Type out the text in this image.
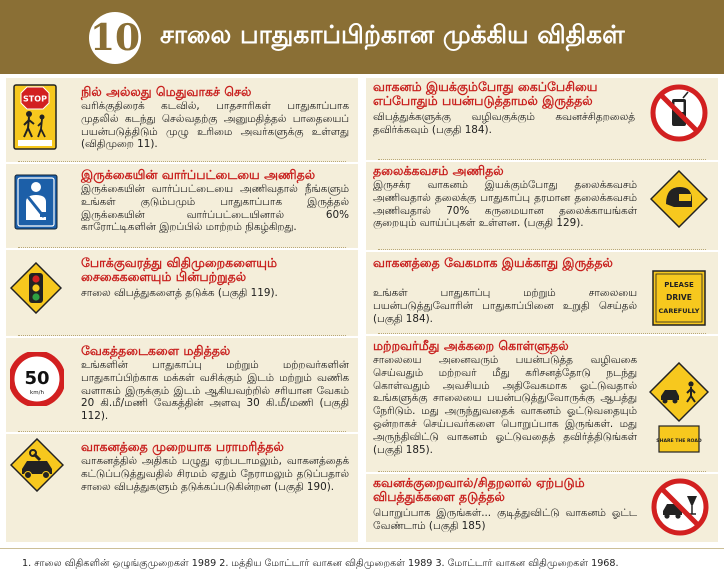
10 சாலை பாதுகாப்பிற்கான முக்கிய விதிகள்
STOP	நில் அல்லது மெதுவாகச் செல்
வரிக்குதிரைக் கடவில், பாதசாரிகள் பாதுகாப்பாக முதலில் கடந்து செல்வதற்கு அனுமதித்தல் பாதையைப் பயன்படுத்திடும் முழு உரிமை அவர்களுக்கு உள்ளது (விதிமுறை 11).
இருக்கையின் வார்ப்பட்டையை அணிதல்
இருக்கையின் வார்ப்பட்டையை அணிவதால் நீங்களும் உங்கள் குடும்பமும் பாதுகாப்பாக இருத்தல் இருக்கையின் வார்ப்பட்டையினால் 60% காரோட்டிகளின் இறப்பில் மாற்றம் நிகழ்கிறது.
போக்குவரத்து விதிமுறைகளையும் சைகைகளையும் பின்பற்றுதல்
சாலை விபத்துகளைத் தடுக்க (பகுதி 119).
50
km/h
வேகத்தடைகளை மதித்தல்
உங்களின் பாதுகாப்பு மற்றும் மற்றவர்களின் பாதுகாப்பிற்காக மக்கள் வசிக்கும் இடம் மற்றும் வணிக வளாகம் இருக்கும் இடம் ஆகியவற்றில் சரியான வேகம் 20 கி.மீ/மணி வேகத்தின் அளவு 30 கி.மீ/மணி (பகுதி 112).
வாகனத்தை முறையாக பராமரித்தல்
வாகனத்தில் அதிகம் பழுது ஏற்படாமலும், வாகனத்தைக் கட்டுப்படுத்துவதில் சிரமம் ஏதும் நேராமலும் தடுப்பதால் சாலை விபத்துகளும் தடுக்கப்படுகின்றன (பகுதி 190).
வாகனம் இயக்கும்போது கைப்பேசியை எப்போதும் பயன்படுத்தாமல் இருத்தல்
விபத்துக்களுக்கு வழிவகுக்கும் கவனச்சிதறலைத் தவிர்க்கவும் (பகுதி 184).
தலைக்கவசம் அணிதல்
இருசக்ர வாகனம் இயக்கும்போது தலைக்கவசம் அணிவதால் தலைக்கு பாதுகாப்பு தரமான தலைக்கவசம் அணிவதால் 70% கருமையான தலைக்காயங்கள் குறையும் வாய்ப்புகள் உள்ளன. (பகுதி 129).
வாகனத்தை வேகமாக இயக்காது இருத்தல்
உங்கள் பாதுகாப்பு மற்றும் சாலையை பயன்படுத்துவோரின் பாதுகாப்பினை உறுதி செய்தல் (பகுதி 184).
PLEASE
DRIVE
CAREFULLY
மற்றவர்மீது அக்கறை கொள்ளுதல்
சாலையை அனைவரும் பயன்படுத்த வழிவகை செய்வதும் மற்றவர் மீது கரிசனத்தோடு நடந்து கொள்வதும் அவசியம் அதிவேகமாக ஓட்டுவதால் உங்களுக்கு சாலையை பயன்படுத்துவோருக்கு ஆபத்து நேரிடும். மது அருந்துவதைக் வாகனம் ஓட்டுவதையும் ஒன்றாகச் செய்பவர்களை பொறுப்பாக இருங்கள். மது அருந்திவிட்டு வாகனம் ஓட்டுவதைத் தவிர்த்திடுங்கள் (பகுதி 185).
SHARE THE ROAD
கவனக்குறைவால்/சிதறலால் ஏற்படும் விபத்துக்களை தடுத்தல்
பொறுப்பாக இருங்கள்... குடித்துவிட்டு வாகனம் ஓட்ட வேண்டாம் (பகுதி 185)
1. சாலை விதிகளின் ஒழுங்குமுறைகள் 1989 2. மத்திய மோட்டார் வாகன விதிமுறைகள் 1989 3. மோட்டார் வாகன விதிமுறைகள் 1968.
